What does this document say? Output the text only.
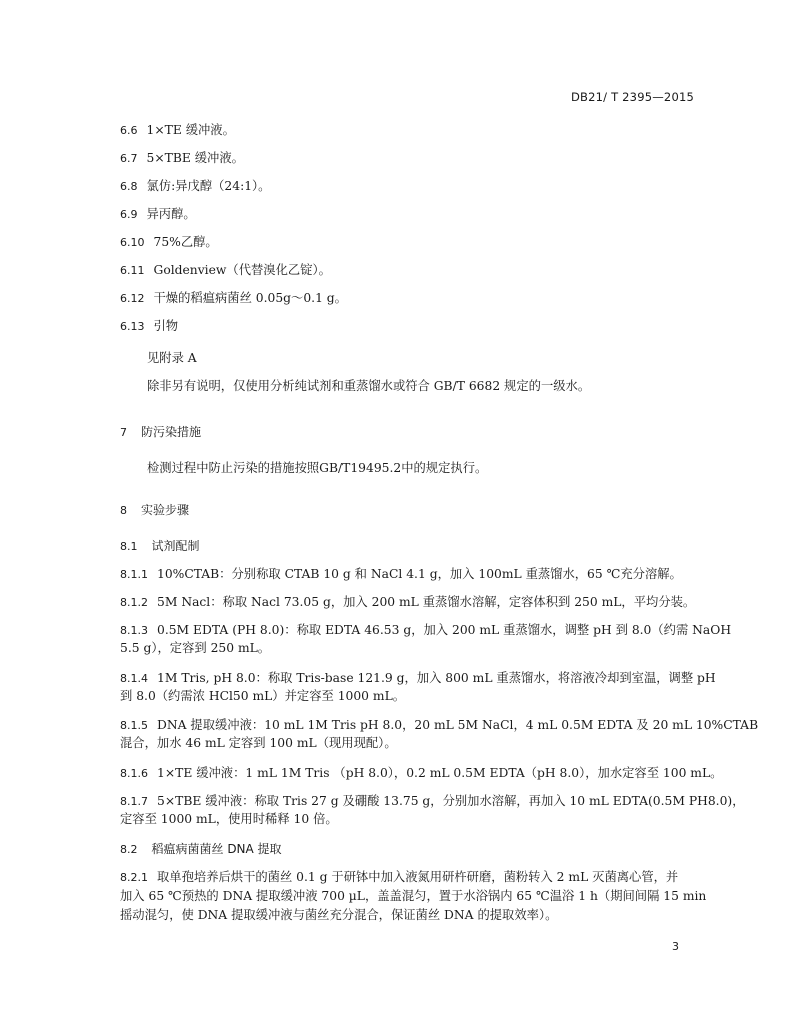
DB21/ T 2395—2015
6.6 1×TE 缓冲液。
6.7 5×TBE 缓冲液。
6.8 氯仿:异戊醇（24:1）。
6.9 异丙醇。
6.10 75%乙醇。
6.11 Goldenview（代替溴化乙锭）。
6.12 干燥的稻瘟病菌丝 0.05g～0.1 g。
6.13 引物
见附录 A
除非另有说明，仅使用分析纯试剂和重蒸馏水或符合 GB/T 6682 规定的一级水。
7 防污染措施
检测过程中防止污染的措施按照GB/T19495.2中的规定执行。
8 实验步骤
8.1 试剂配制
8.1.1 10%CTAB：分别称取 CTAB 10 g 和 NaCl 4.1 g，加入 100mL 重蒸馏水，65 ℃充分溶解。
8.1.2 5M Nacl：称取 Nacl 73.05 g，加入 200 mL 重蒸馏水溶解，定容体积到 250 mL，平均分装。
8.1.3 0.5M EDTA (PH 8.0)：称取 EDTA 46.53 g，加入 200 mL 重蒸馏水，调整 pH 到 8.0（约需 NaOH
5.5 g），定容到 250 mL。
8.1.4 1M Tris, pH 8.0：称取 Tris-base 121.9 g，加入 800 mL 重蒸馏水，将溶液冷却到室温，调整 pH
到 8.0（约需浓 HCl50 mL）并定容至 1000 mL。
8.1.5 DNA 提取缓冲液：10 mL 1M Tris pH 8.0，20 mL 5M NaCl，4 mL 0.5M EDTA 及 20 mL 10%CTAB
混合，加水 46 mL 定容到 100 mL（现用现配）。
8.1.6 1×TE 缓冲液：1 mL 1M Tris （pH 8.0），0.2 mL 0.5M EDTA（pH 8.0），加水定容至 100 mL。
8.1.7 5×TBE 缓冲液：称取 Tris 27 g 及硼酸 13.75 g，分别加水溶解，再加入 10 mL EDTA(0.5M PH8.0)，
定容至 1000 mL，使用时稀释 10 倍。
8.2 稻瘟病菌菌丝 DNA 提取
8.2.1 取单孢培养后烘干的菌丝 0.1 g 于研钵中加入液氮用研杵研磨，菌粉转入 2 mL 灭菌离心管，并
加入 65 ℃预热的 DNA 提取缓冲液 700 µL，盖盖混匀，置于水浴锅内 65 ℃温浴 1 h（期间间隔 15 min
摇动混匀，使 DNA 提取缓冲液与菌丝充分混合，保证菌丝 DNA 的提取效率）。
3
